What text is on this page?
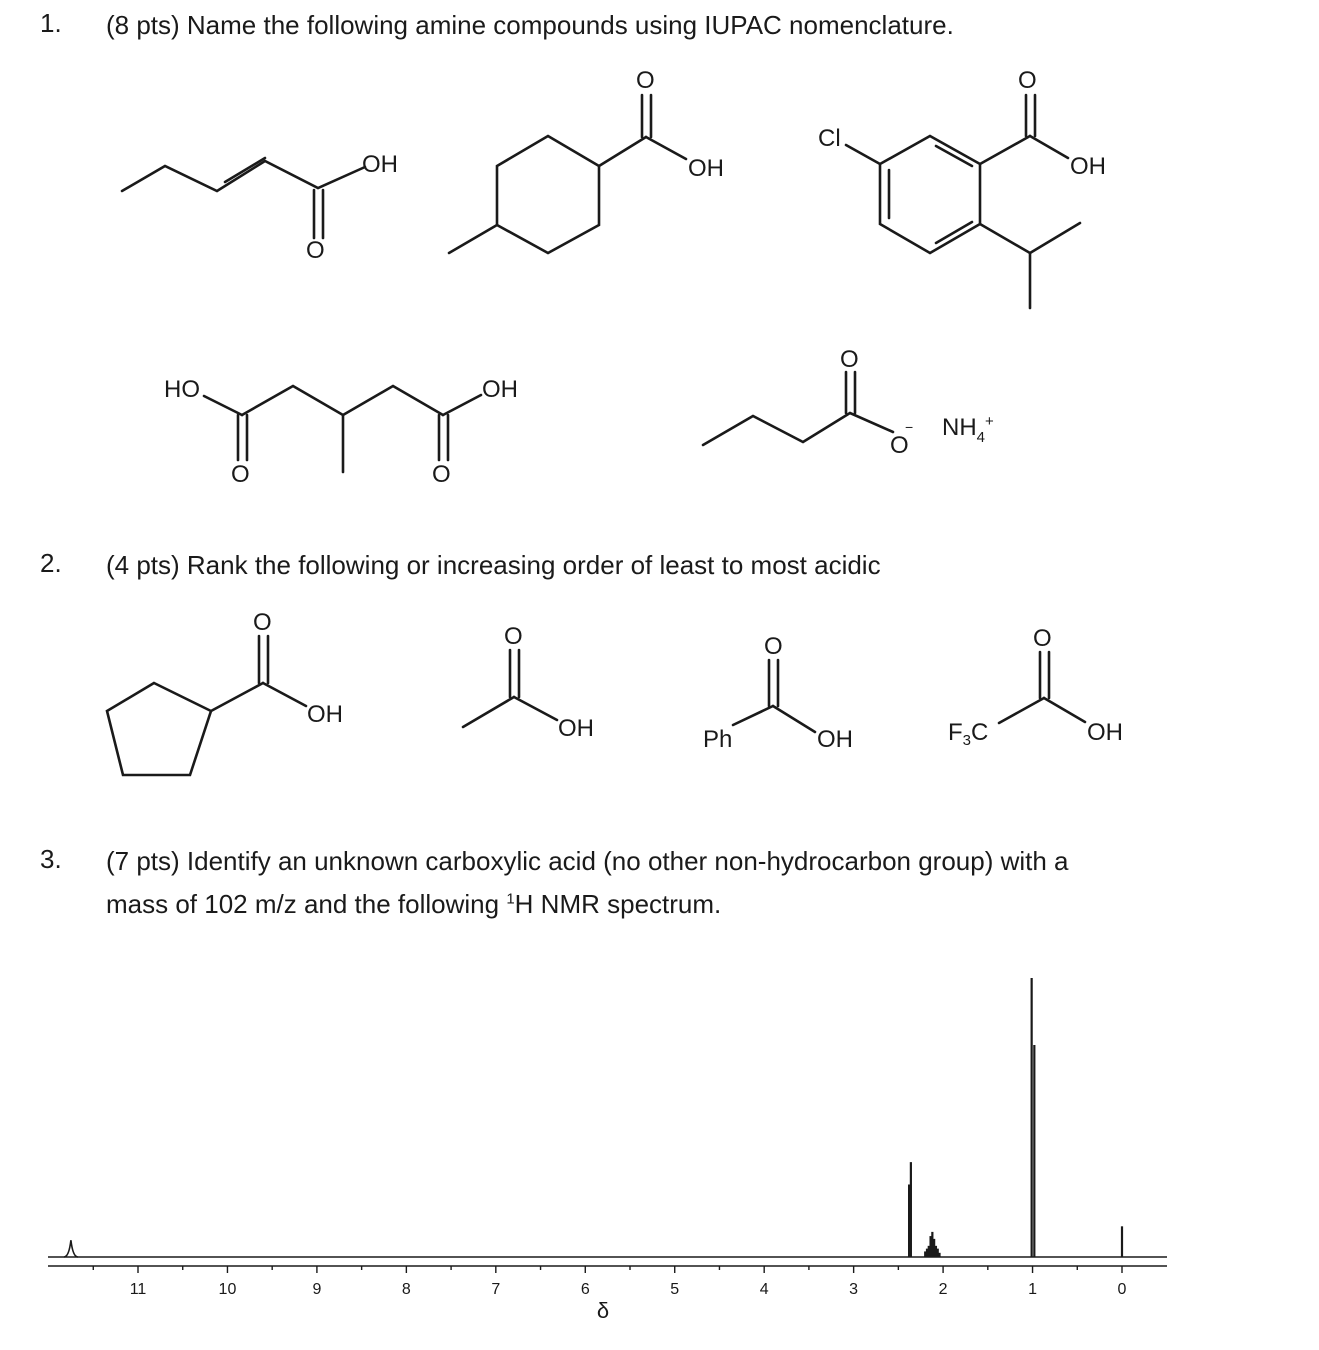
1. (8 pts) Name the following amine compounds using IUPAC nomenclature.
2. (4 pts) Rank the following or increasing order of least to most acidic
3. (7 pts) Identify an unknown carboxylic acid (no other non-hydrocarbon group) with a
mass of 102 m/z and the following $^1$H NMR spectrum.
OH
O
O
OH
Cl
O
OH
HO	OH
O	O
O
O
− $NH_4^+$
O
OH
O
OH
O
Ph	OH
O
$F_3C$	OH
11	10	9	8	7	6	5	4	3	2	1	0
δ
